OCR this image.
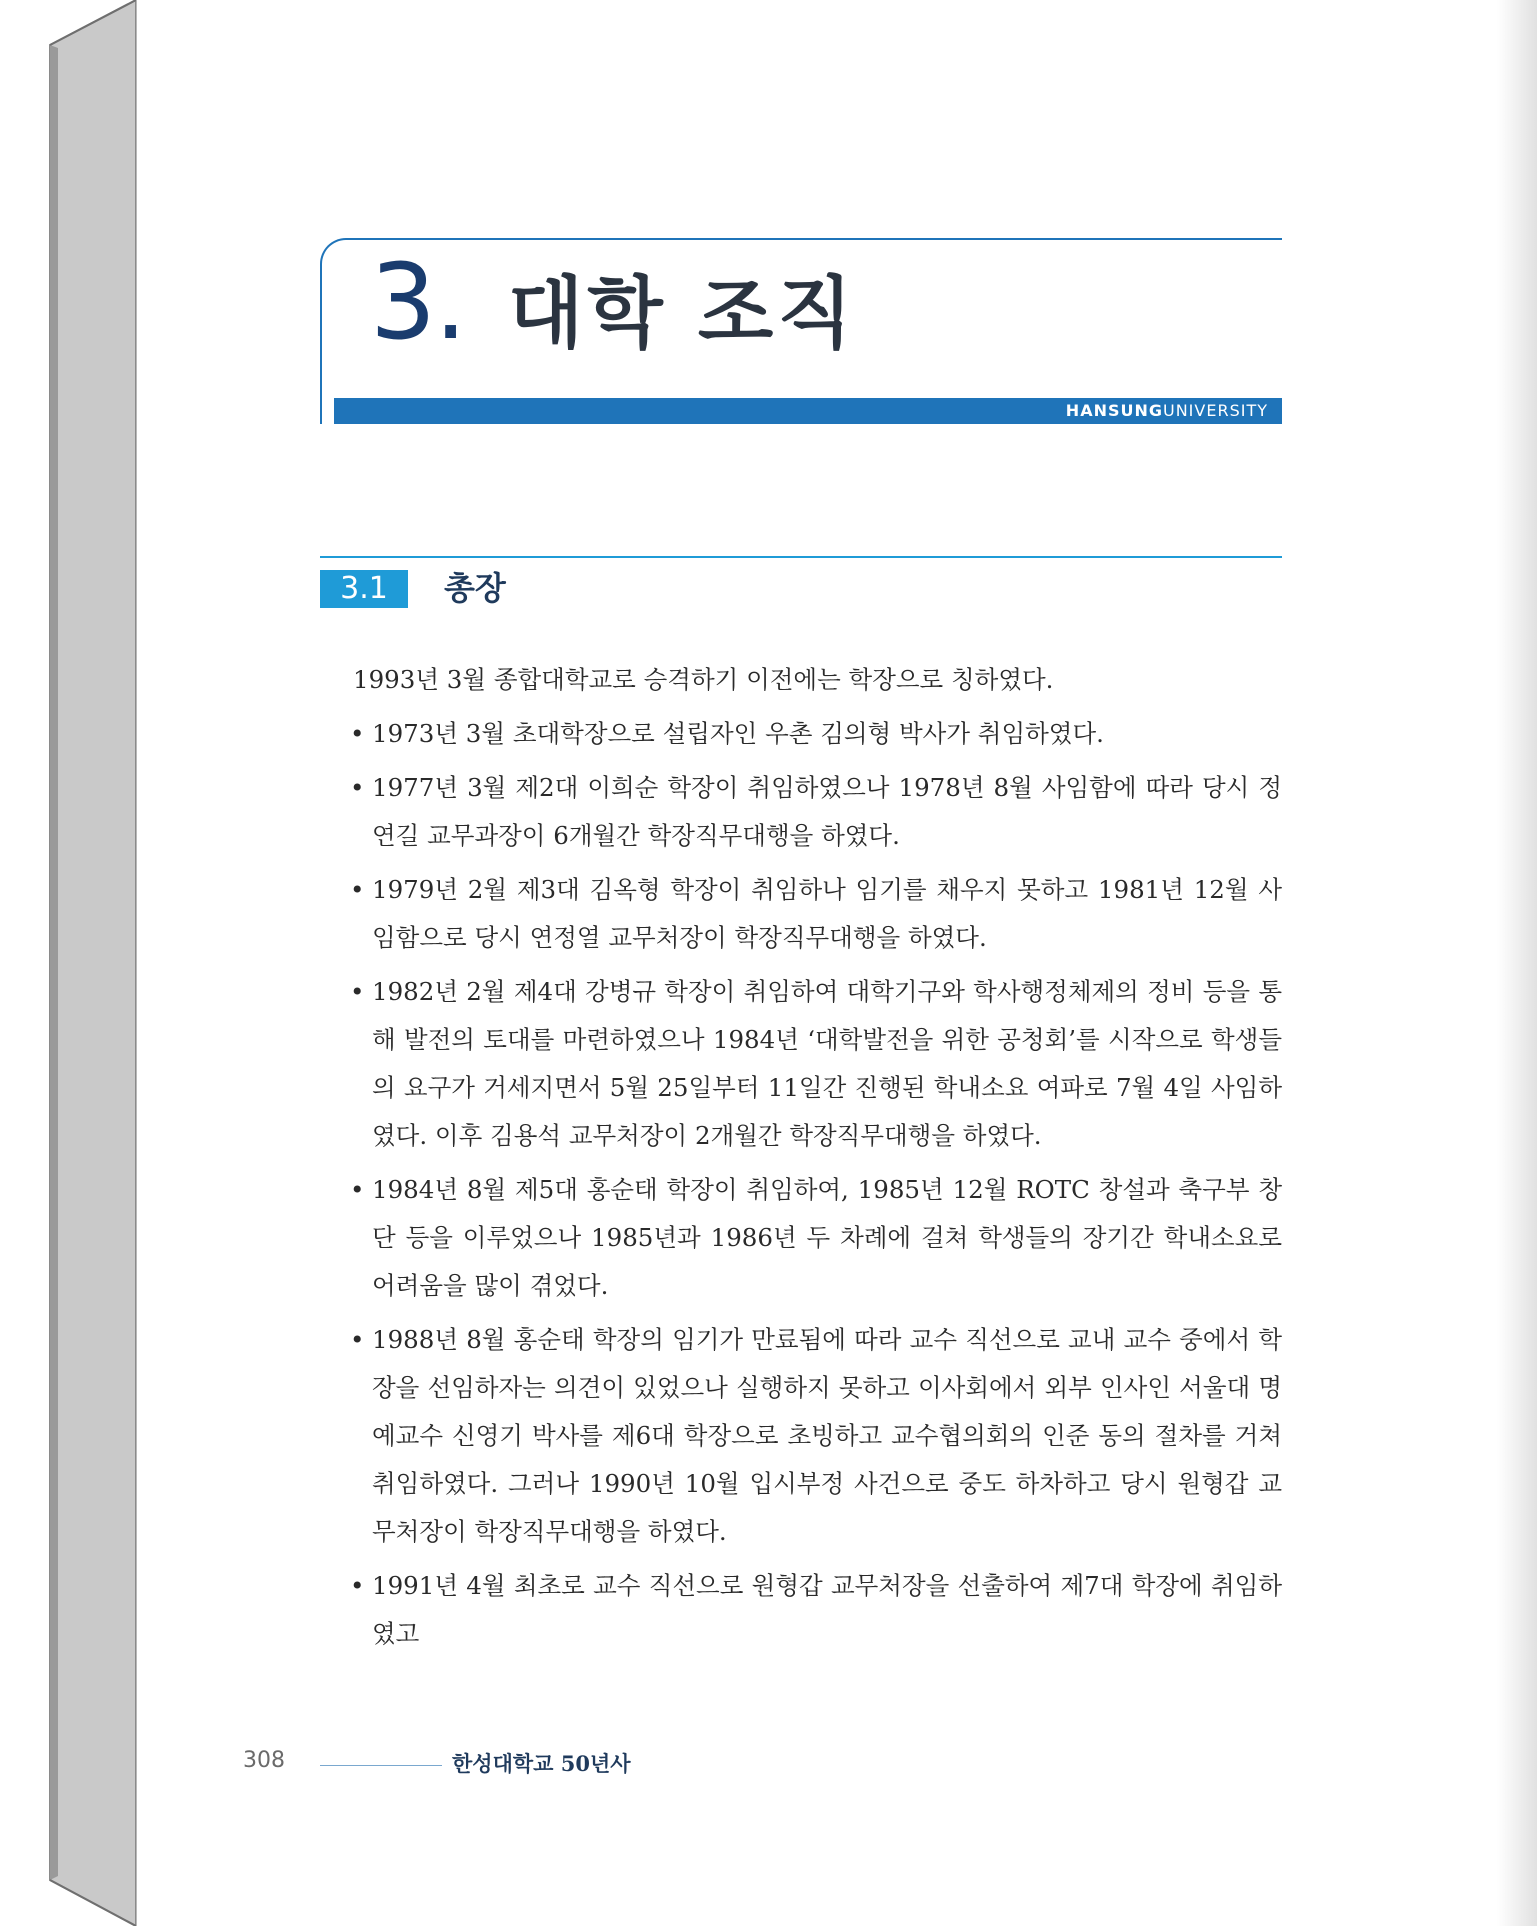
3. 대학 조직
HANSUNGUNIVERSITY
3.1	총장

1993년 3월 종합대학교로 승격하기 이전에는 학장으로 칭하였다.

• 1973년 3월 초대학장으로 설립자인 우촌 김의형 박사가 취임하였다.
• 1977년 3월 제2대 이희순 학장이 취임하였으나 1978년 8월 사임함에 따라 당시 정연길 교무과장이 6개월간 학장직무대행을 하였다.
• 1979년 2월 제3대 김옥형 학장이 취임하나 임기를 채우지 못하고 1981년 12월 사임함으로 당시 연정열 교무처장이 학장직무대행을 하였다.
• 1982년 2월 제4대 강병규 학장이 취임하여 대학기구와 학사행정체제의 정비 등을 통해 발전의 토대를 마련하였으나 1984년 ‘대학발전을 위한 공청회’를 시작으로 학생들의 요구가 거세지면서 5월 25일부터 11일간 진행된 학내소요 여파로 7월 4일 사임하였다. 이후 김용석 교무처장이 2개월간 학장직무대행을 하였다.
• 1984년 8월 제5대 홍순태 학장이 취임하여, 1985년 12월 ROTC 창설과 축구부 창단 등을 이루었으나 1985년과 1986년 두 차례에 걸쳐 학생들의 장기간 학내소요로 어려움을 많이 겪었다.
• 1988년 8월 홍순태 학장의 임기가 만료됨에 따라 교수 직선으로 교내 교수 중에서 학장을 선임하자는 의견이 있었으나 실행하지 못하고 이사회에서 외부 인사인 서울대 명예교수 신영기 박사를 제6대 학장으로 초빙하고 교수협의회의 인준 동의 절차를 거쳐 취임하였다. 그러나 1990년 10월 입시부정 사건으로 중도 하차하고 당시 원형갑 교무처장이 학장직무대행을 하였다.
• 1991년 4월 최초로 교수 직선으로 원형갑 교무처장을 선출하여 제7대 학장에 취임하였고
308	한성대학교 50년사
